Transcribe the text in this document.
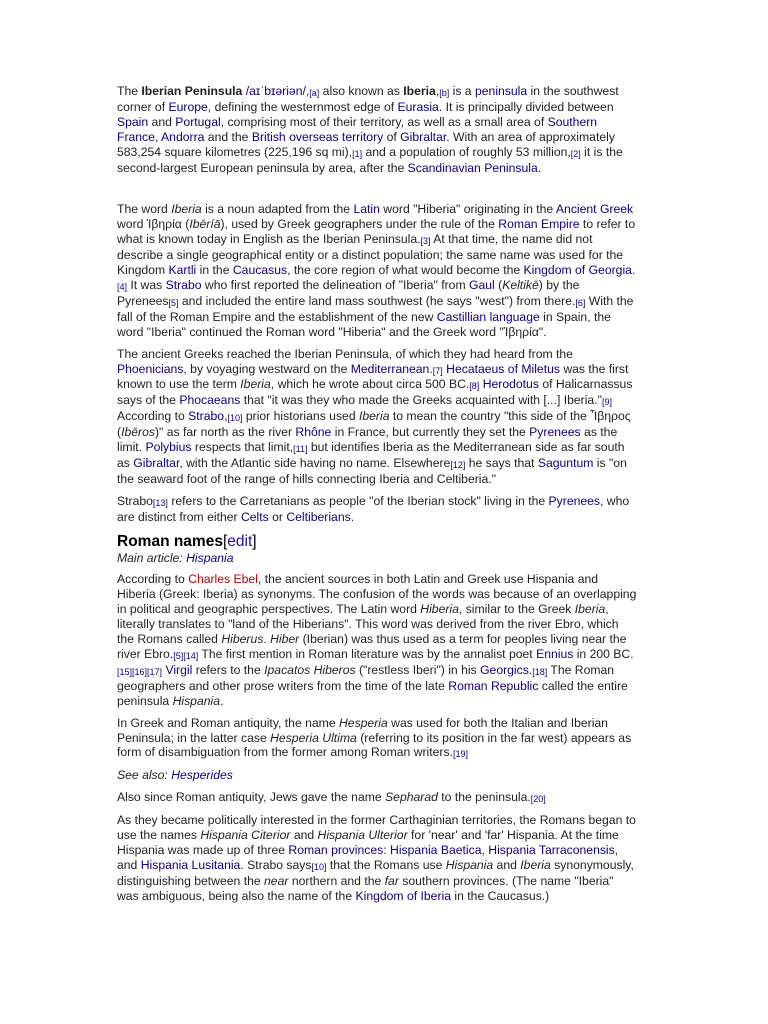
The Iberian Peninsula /aɪˈbɪəriən/,[a] also known as Iberia,[b] is a peninsula in the southwest corner of Europe, defining the westernmost edge of Eurasia. It is principally divided between Spain and Portugal, comprising most of their territory, as well as a small area of Southern France, Andorra and the British overseas territory of Gibraltar. With an area of approximately 583,254 square kilometres (225,196 sq mi),[1] and a population of roughly 53 million,[2] it is the second-largest European peninsula by area, after the Scandinavian Peninsula.

The word Iberia is a noun adapted from the Latin word "Hiberia" originating in the Ancient Greek word Ἰβηρία (Ibēríā), used by Greek geographers under the rule of the Roman Empire to refer to what is known today in English as the Iberian Peninsula.[3] At that time, the name did not describe a single geographical entity or a distinct population; the same name was used for the Kingdom Kartli in the Caucasus, the core region of what would become the Kingdom of Georgia.[4] It was Strabo who first reported the delineation of "Iberia" from Gaul (Keltikē) by the Pyrenees[5] and included the entire land mass southwest (he says "west") from there.[6] With the fall of the Roman Empire and the establishment of the new Castillian language in Spain, the word "Iberia" continued the Roman word "Hiberia" and the Greek word "Ἰβηρία".

The ancient Greeks reached the Iberian Peninsula, of which they had heard from the Phoenicians, by voyaging westward on the Mediterranean.[7] Hecataeus of Miletus was the first known to use the term Iberia, which he wrote about circa 500 BC.[8] Herodotus of Halicarnassus says of the Phocaeans that "it was they who made the Greeks acquainted with [...] Iberia."[9] According to Strabo,[10] prior historians used Iberia to mean the country "this side of the Ἶβηρος (Ibēros)" as far north as the river Rhône in France, but currently they set the Pyrenees as the limit. Polybius respects that limit,[11] but identifies Iberia as the Mediterranean side as far south as Gibraltar, with the Atlantic side having no name. Elsewhere[12] he says that Saguntum is "on the seaward foot of the range of hills connecting Iberia and Celtiberia."

Strabo[13] refers to the Carretanians as people "of the Iberian stock" living in the Pyrenees, who are distinct from either Celts or Celtiberians.

Roman names[edit]
Main article: Hispania

According to Charles Ebel, the ancient sources in both Latin and Greek use Hispania and Hiberia (Greek: Iberia) as synonyms. The confusion of the words was because of an overlapping in political and geographic perspectives. The Latin word Hiberia, similar to the Greek Iberia, literally translates to "land of the Hiberians". This word was derived from the river Ebro, which the Romans called Hiberus. Hiber (Iberian) was thus used as a term for peoples living near the river Ebro.[5][14] The first mention in Roman literature was by the annalist poet Ennius in 200 BC.[15][16][17] Virgil refers to the Ipacatos Hiberos ("restless Iberi") in his Georgics.[18] The Roman geographers and other prose writers from the time of the late Roman Republic called the entire peninsula Hispania.

In Greek and Roman antiquity, the name Hesperia was used for both the Italian and Iberian Peninsula; in the latter case Hesperia Ultima (referring to its position in the far west) appears as form of disambiguation from the former among Roman writers.[19]

See also: Hesperides

Also since Roman antiquity, Jews gave the name Sepharad to the peninsula.[20]

As they became politically interested in the former Carthaginian territories, the Romans began to use the names Hispania Citerior and Hispania Ulterior for 'near' and 'far' Hispania. At the time Hispania was made up of three Roman provinces: Hispania Baetica, Hispania Tarraconensis, and Hispania Lusitania. Strabo says[10] that the Romans use Hispania and Iberia synonymously, distinguishing between the near northern and the far southern provinces. (The name "Iberia" was ambiguous, being also the name of the Kingdom of Iberia in the Caucasus.)
